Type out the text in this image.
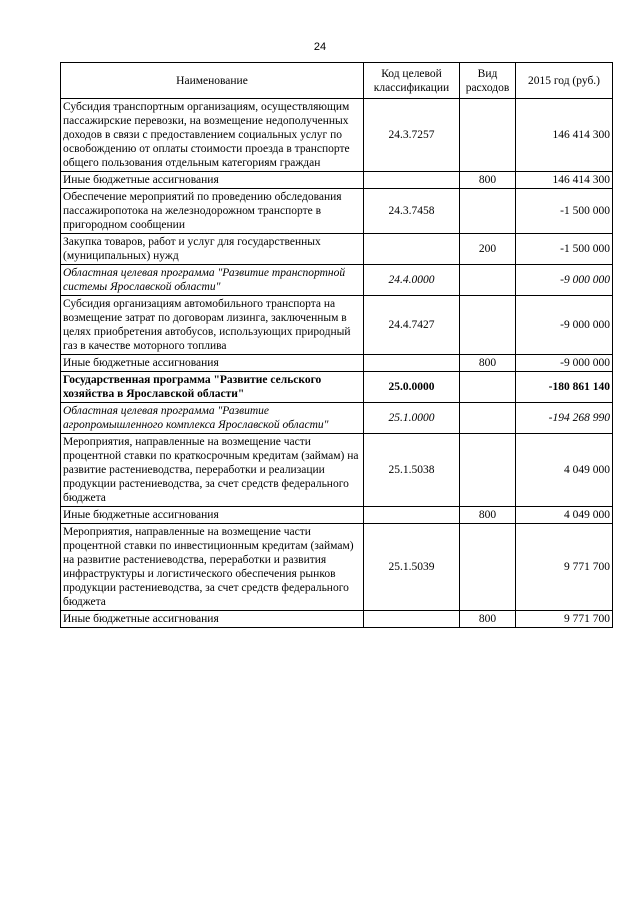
24
Наименование	Код целевой классификации	Вид расходов	2015 год (руб.)
Субсидия транспортным организациям, осуществляющим пассажирские перевозки, на возмещение недополученных доходов в связи с предоставлением социальных услуг по освобождению от оплаты стоимости проезда в транспорте общего пользования отдельным категориям граждан	24.3.7257		146 414 300
Иные бюджетные ассигнования		800	146 414 300
Обеспечение мероприятий по проведению обследования пассажиропотока на железнодорожном транспорте в пригородном сообщении	24.3.7458		-1 500 000
Закупка товаров, работ и услуг для государственных (муниципальных) нужд		200	-1 500 000
Областная целевая программа "Развитие транспортной системы Ярославской области"	24.4.0000		-9 000 000
Субсидия организациям автомобильного транспорта на возмещение затрат по договорам лизинга, заключенным в целях приобретения автобусов, использующих природный газ в качестве моторного топлива	24.4.7427		-9 000 000
Иные бюджетные ассигнования		800	-9 000 000
Государственная программа "Развитие сельского хозяйства в Ярославской области"	25.0.0000		-180 861 140
Областная целевая программа "Развитие агропромышленного комплекса Ярославской области"	25.1.0000		-194 268 990
Мероприятия, направленные на возмещение части процентной ставки по краткосрочным кредитам (займам) на развитие растениеводства, переработки и реализации продукции растениеводства, за счет средств федерального бюджета	25.1.5038		4 049 000
Иные бюджетные ассигнования		800	4 049 000
Мероприятия, направленные на возмещение части процентной ставки по инвестиционным кредитам (займам) на развитие растениеводства, переработки и развития инфраструктуры и логистического обеспечения рынков продукции растениеводства, за счет средств федерального бюджета	25.1.5039		9 771 700
Иные бюджетные ассигнования		800	9 771 700
